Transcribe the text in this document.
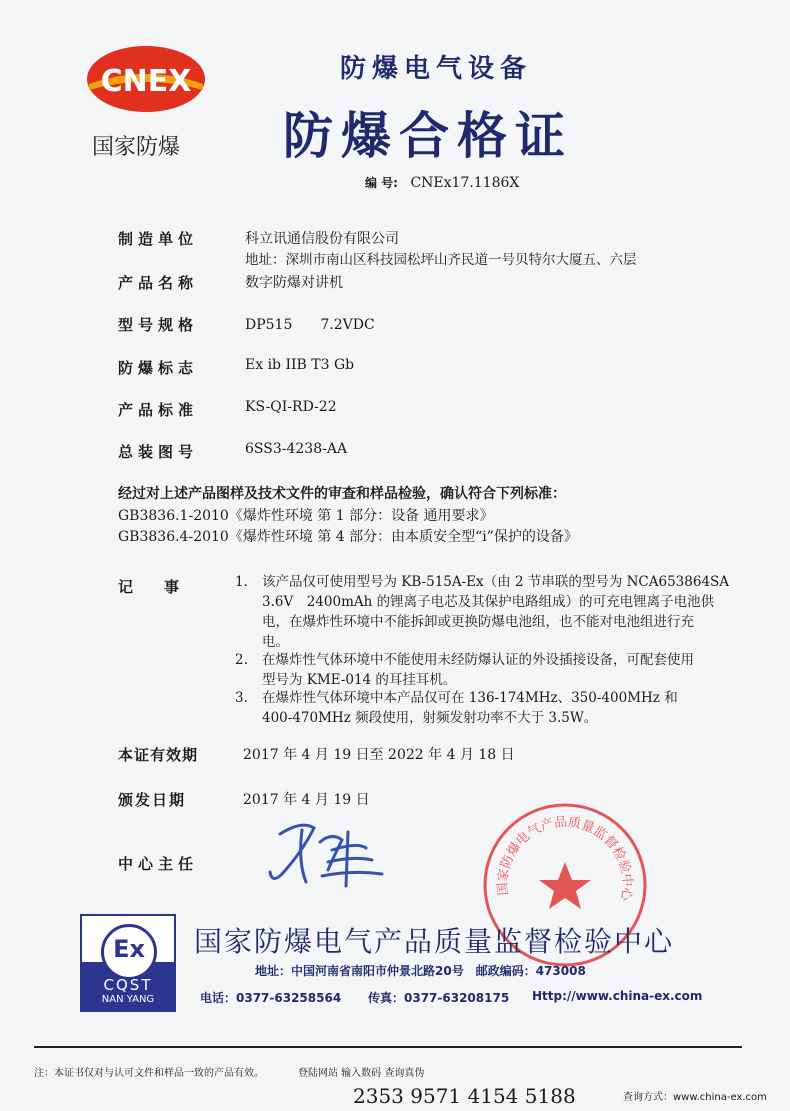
CNEX
国家防爆
防爆电气设备
防爆合格证
编 号: CNEx17.1186X
制造单位	科立讯通信股份有限公司
地址：深圳市南山区科技园松坪山齐民道一号贝特尔大厦五、六层
产品名称	数字防爆对讲机
型号规格	DP515　　7.2VDC
防爆标志	Ex ib IIB T3 Gb
产品标准	KS-QI-RD-22
总装图号	6SS3-4238-AA
经过对上述产品图样及技术文件的审查和样品检验，确认符合下列标准：
GB3836.1-2010《爆炸性环境 第 1 部分：设备 通用要求》
GB3836.4-2010《爆炸性环境 第 4 部分：由本质安全型“i”保护的设备》
记　事	1. 该产品仅可使用型号为 KB-515A-Ex（由 2 节串联的型号为 NCA653864SA
3.6V　2400mAh 的锂离子电芯及其保护电路组成）的可充电锂离子电池供
电，在爆炸性环境中不能拆卸或更换防爆电池组，也不能对电池组进行充
电。
2. 在爆炸性气体环境中不能使用未经防爆认证的外设插接设备，可配套使用
型号为 KME-014 的耳挂耳机。
3. 在爆炸性气体环境中本产品仅可在 136-174MHz、350-400MHz 和
400-470MHz 频段使用，射频发射功率不大于 3.5W。
本证有效期	2017 年 4 月 19 日至 2022 年 4 月 18 日
颁发日期	2017 年 4 月 19 日
中心主任
国家防爆电气产品质量监督检验中心
Ex
CQST
NAN YANG
国家防爆电气产品质量监督检验中心
地址：中国河南省南阳市仲景北路20号　邮政编码：473008
电话：0377-63258564 传真：0377-63208175 Http://www.china-ex.com
注：本证书仅对与认可文件和样品一致的产品有效。	登陆网站 输入数码 查询真伪
2353 9571 4154 5188	查询方式：www.china-ex.com
